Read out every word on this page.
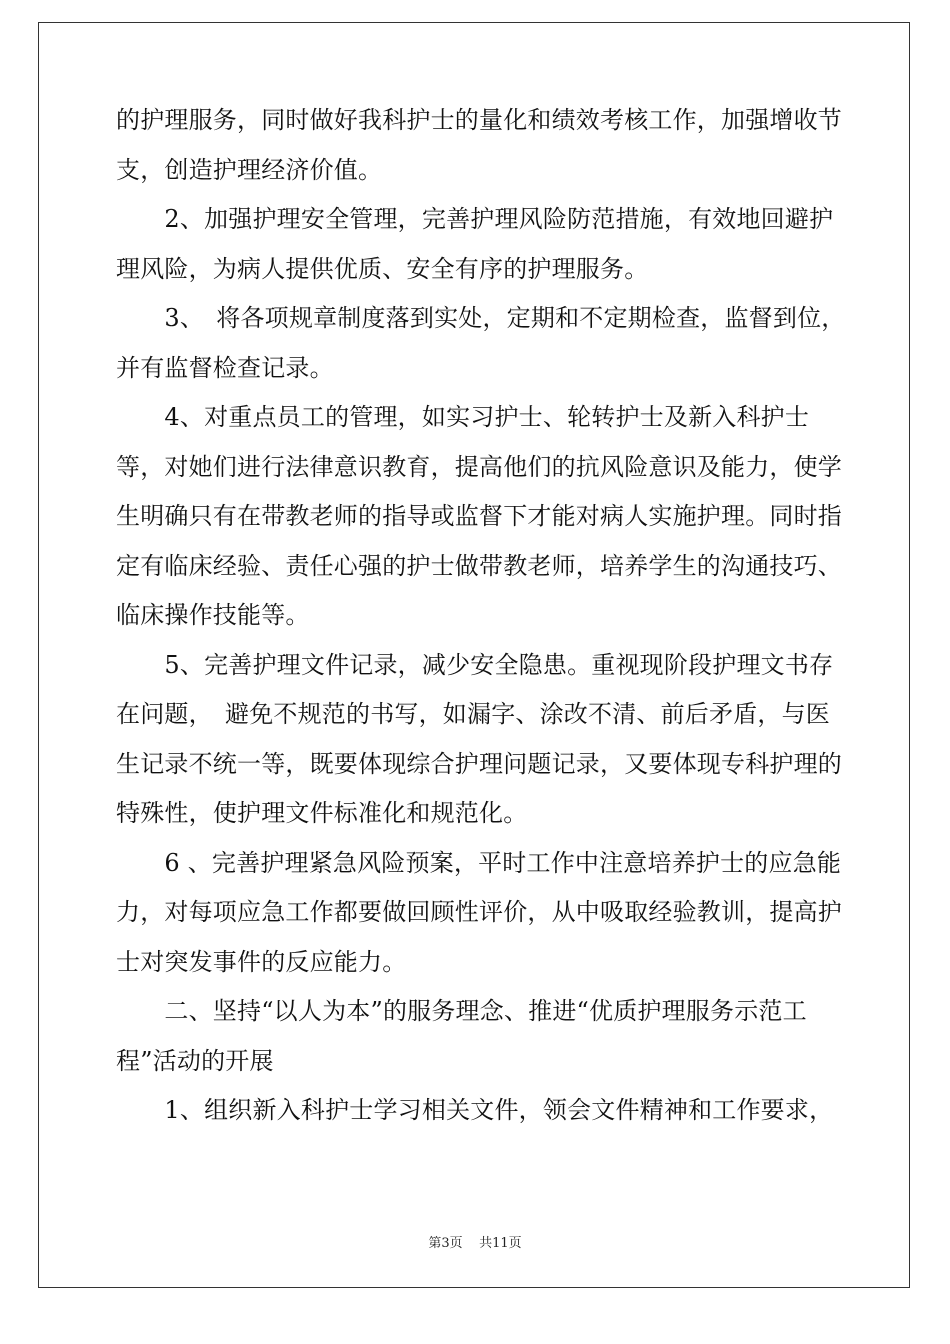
的护理服务，同时做好我科护士的量化和绩效考核工作，加强增收节支，创造护理经济价值。

　　2、加强护理安全管理，完善护理风险防范措施，有效地回避护理风险，为病人提供优质、安全有序的护理服务。

　　3、　将各项规章制度落到实处，定期和不定期检查，监督到位，并有监督检查记录。

　　4、对重点员工的管理，如实习护士、轮转护士及新入科护士等，对她们进行法律意识教育，提高他们的抗风险意识及能力，使学生明确只有在带教老师的指导或监督下才能对病人实施护理。同时指定有临床经验、责任心强的护士做带教老师，培养学生的沟通技巧、临床操作技能等。

　　5、完善护理文件记录，减少安全隐患。重视现阶段护理文书存在问题，　避免不规范的书写，如漏字、涂改不清、前后矛盾，与医生记录不统一等，既要体现综合护理问题记录，又要体现专科护理的特殊性，使护理文件标准化和规范化。

　　6 、完善护理紧急风险预案，平时工作中注意培养护士的应急能力，对每项应急工作都要做回顾性评价，从中吸取经验教训，提高护士对突发事件的反应能力。

　　二、坚持“以人为本”的服务理念、推进“优质护理服务示范工程”活动的开展

　　1、组织新入科护士学习相关文件，领会文件精神和工作要求，

第3页 共11页
